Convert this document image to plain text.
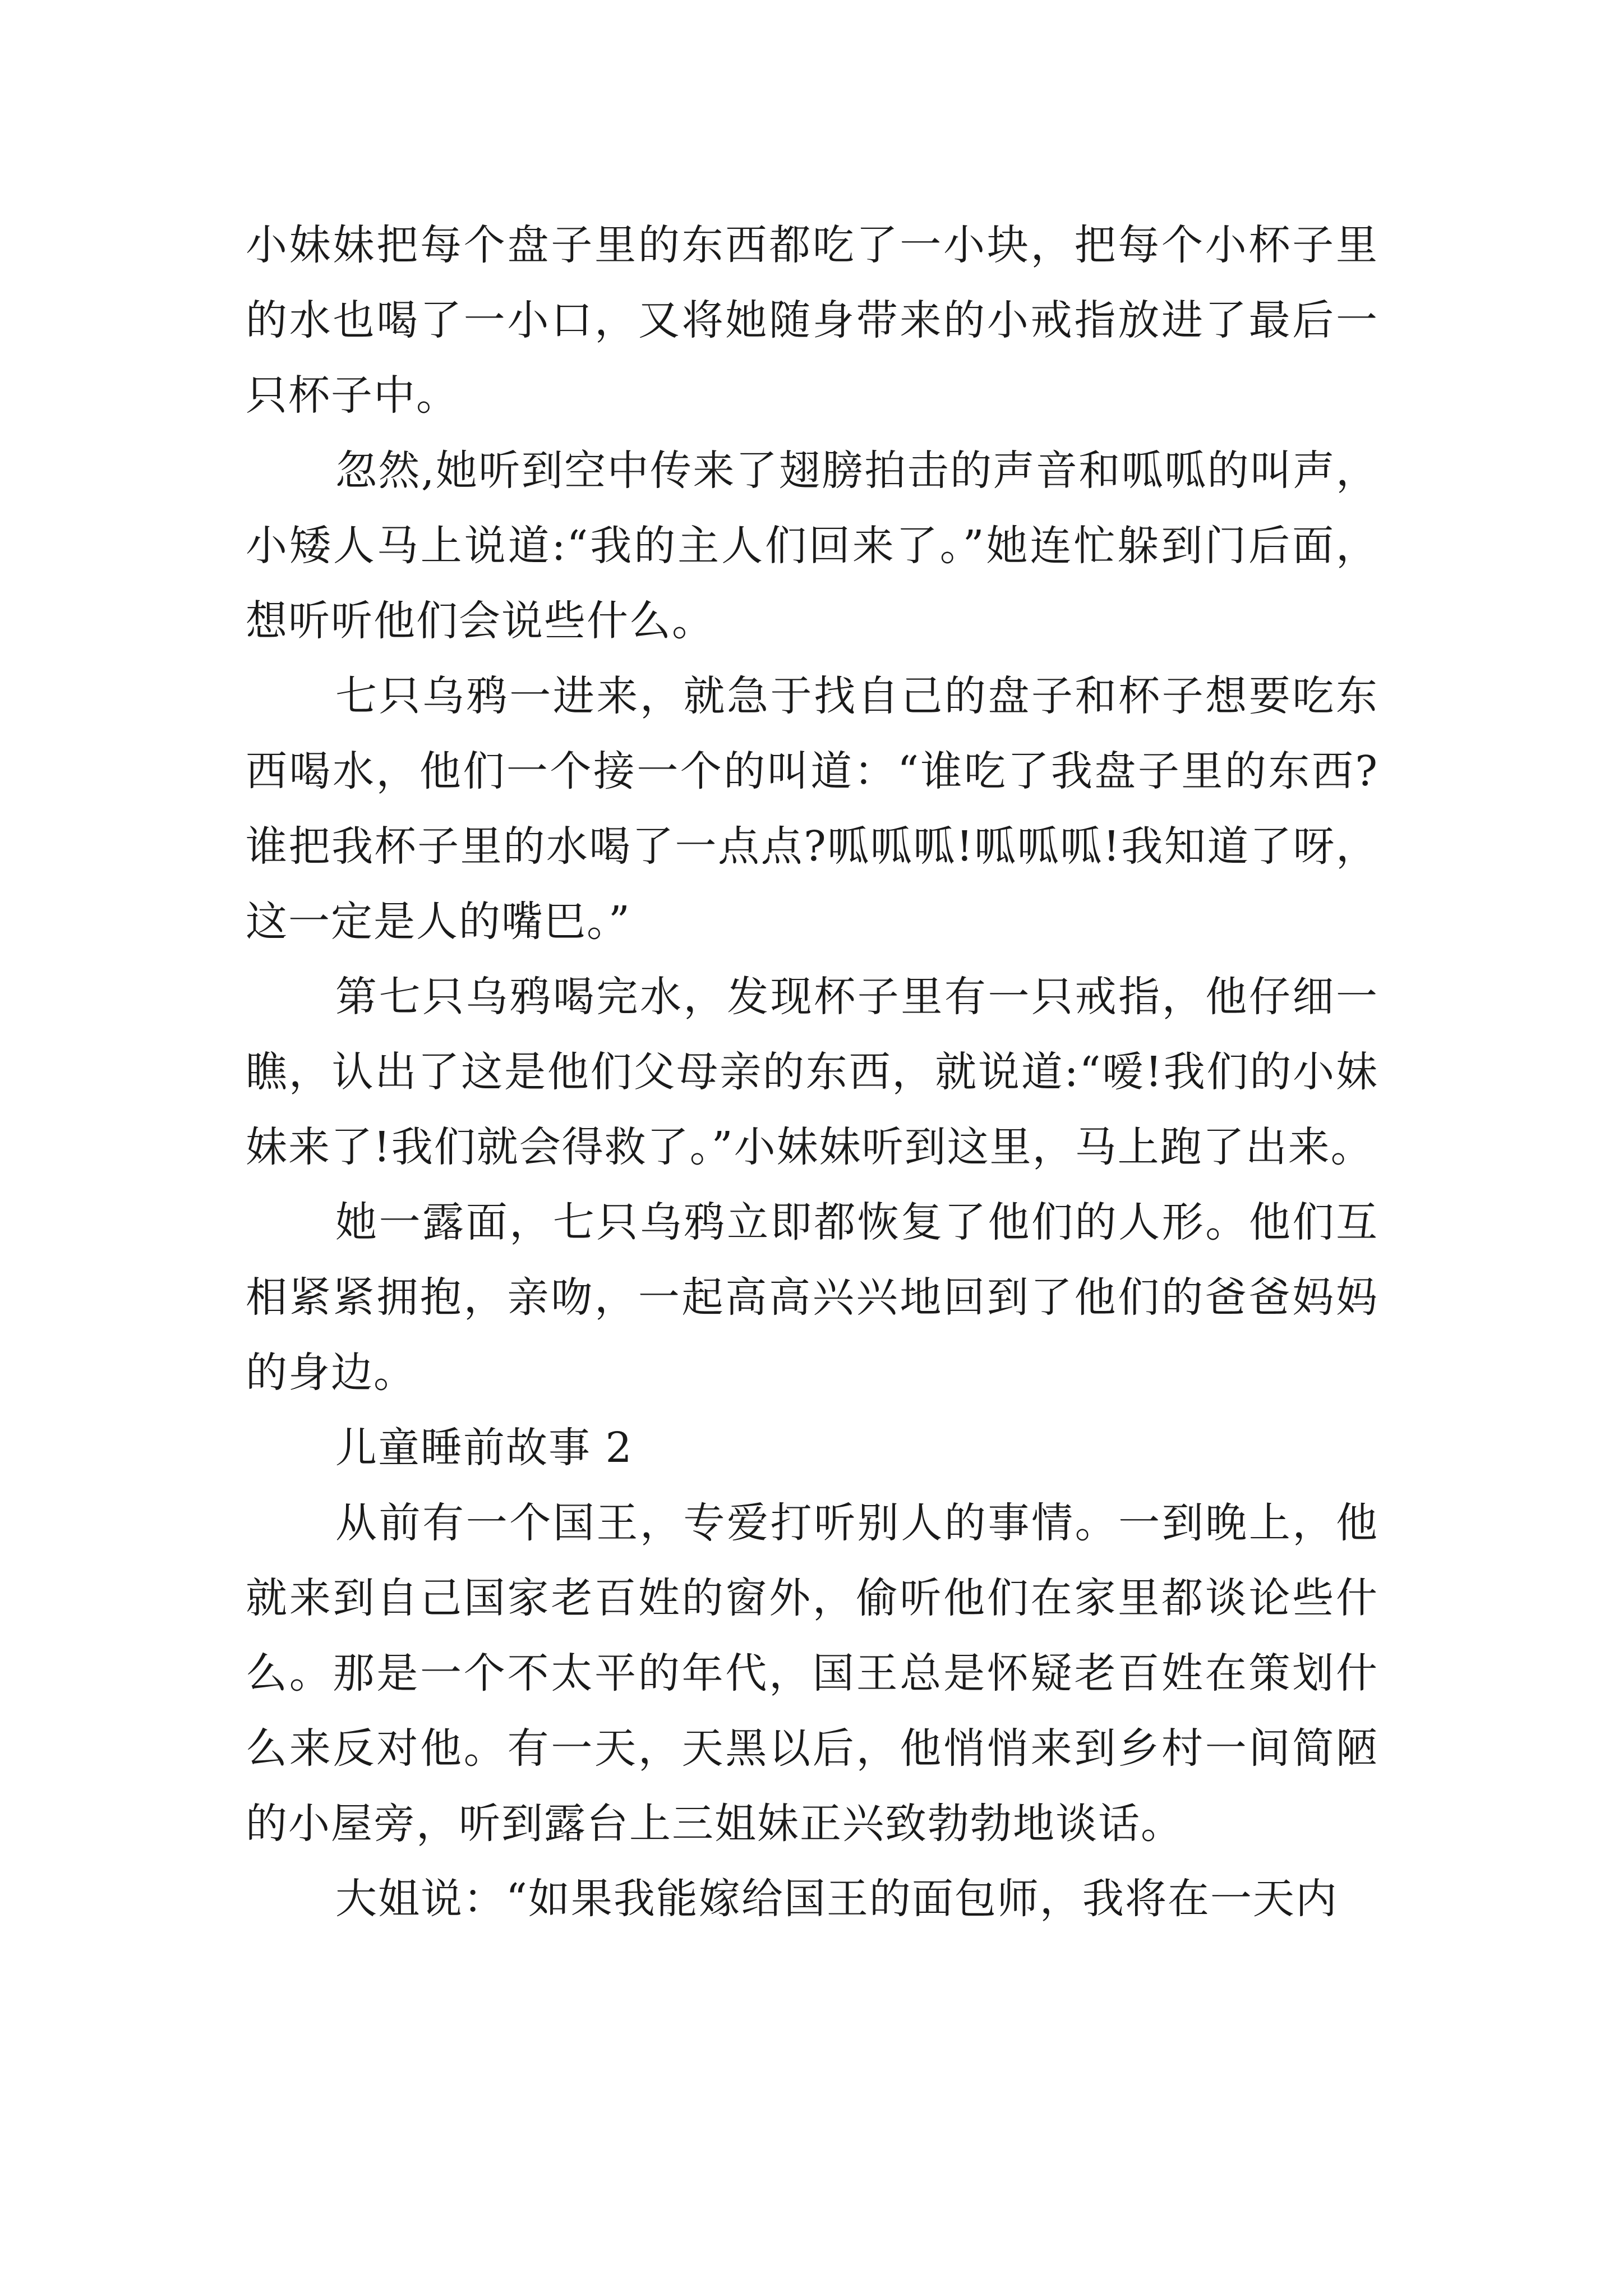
小妹妹把每个盘子里的东西都吃了一小块，把每个小杯子里的水也喝了一小口，又将她随身带来的小戒指放进了最后一只杯子中。

忽然,她听到空中传来了翅膀拍击的声音和呱呱的叫声，小矮人马上说道:“我的主人们回来了。”她连忙躲到门后面，想听听他们会说些什么。

七只乌鸦一进来，就急于找自己的盘子和杯子想要吃东西喝水，他们一个接一个的叫道：“谁吃了我盘子里的东西?谁把我杯子里的水喝了一点点?呱呱呱!呱呱呱!我知道了呀，这一定是人的嘴巴。”

第七只乌鸦喝完水，发现杯子里有一只戒指，他仔细一瞧，认出了这是他们父母亲的东西，就说道:“嗳!我们的小妹妹来了!我们就会得救了。”小妹妹听到这里，马上跑了出来。

她一露面，七只乌鸦立即都恢复了他们的人形。他们互相紧紧拥抱，亲吻，一起高高兴兴地回到了他们的爸爸妈妈的身边。

儿童睡前故事 2

从前有一个国王，专爱打听别人的事情。一到晚上，他就来到自己国家老百姓的窗外，偷听他们在家里都谈论些什么。那是一个不太平的年代，国王总是怀疑老百姓在策划什么来反对他。有一天，天黑以后，他悄悄来到乡村一间简陋的小屋旁，听到露台上三姐妹正兴致勃勃地谈话。

大姐说：“如果我能嫁给国王的面包师，我将在一天内
